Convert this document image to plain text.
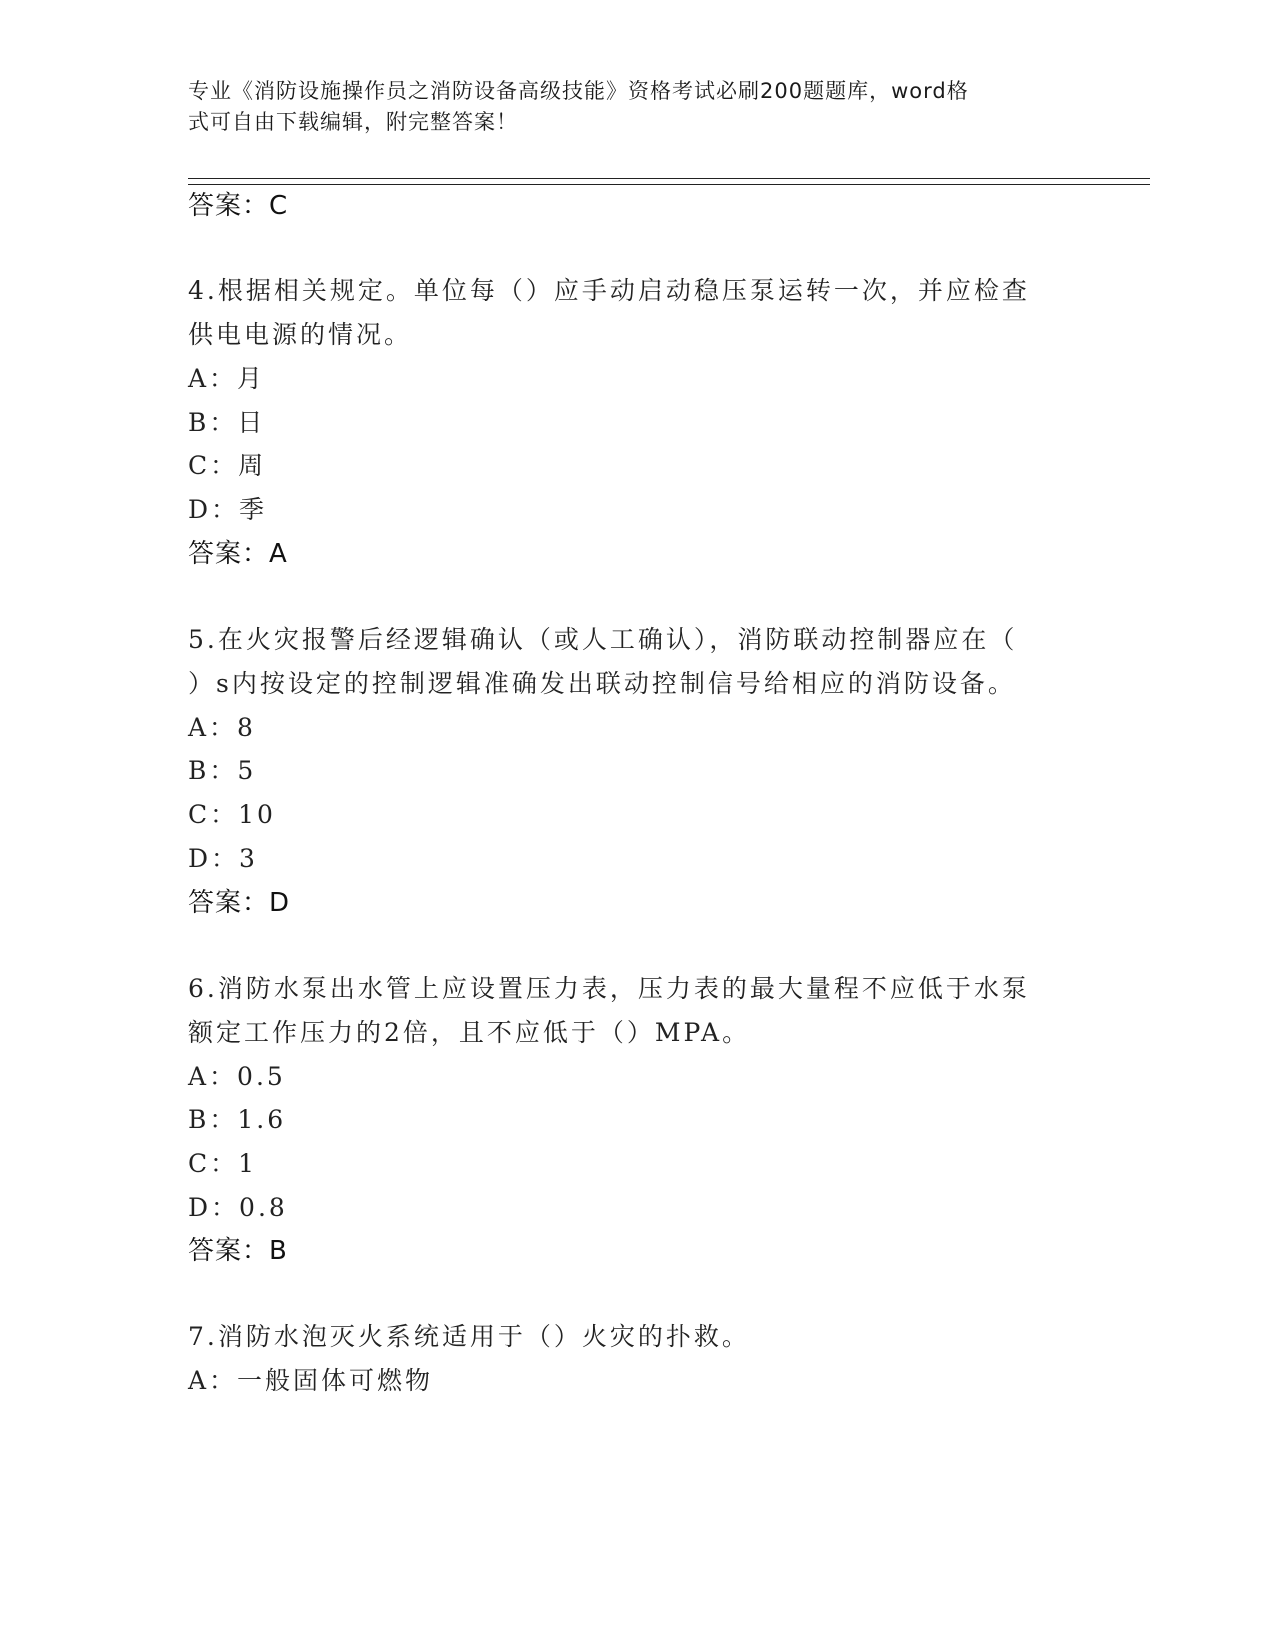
专业《消防设施操作员之消防设备高级技能》资格考试必刷200题题库，word格
式可自由下载编辑，附完整答案！
答案：C
4.根据相关规定。单位每（）应手动启动稳压泵运转一次，并应检查
供电电源的情况。
A：月
B：日
C：周
D：季
答案：A
5.在火灾报警后经逻辑确认（或人工确认），消防联动控制器应在（
）s内按设定的控制逻辑准确发出联动控制信号给相应的消防设备。
A：8
B：5
C：10
D：3
答案：D
6.消防水泵出水管上应设置压力表，压力表的最大量程不应低于水泵
额定工作压力的2倍，且不应低于（）MPA。
A：0.5
B：1.6
C：1
D：0.8
答案：B
7.消防水泡灭火系统适用于（）火灾的扑救。
A：一般固体可燃物
